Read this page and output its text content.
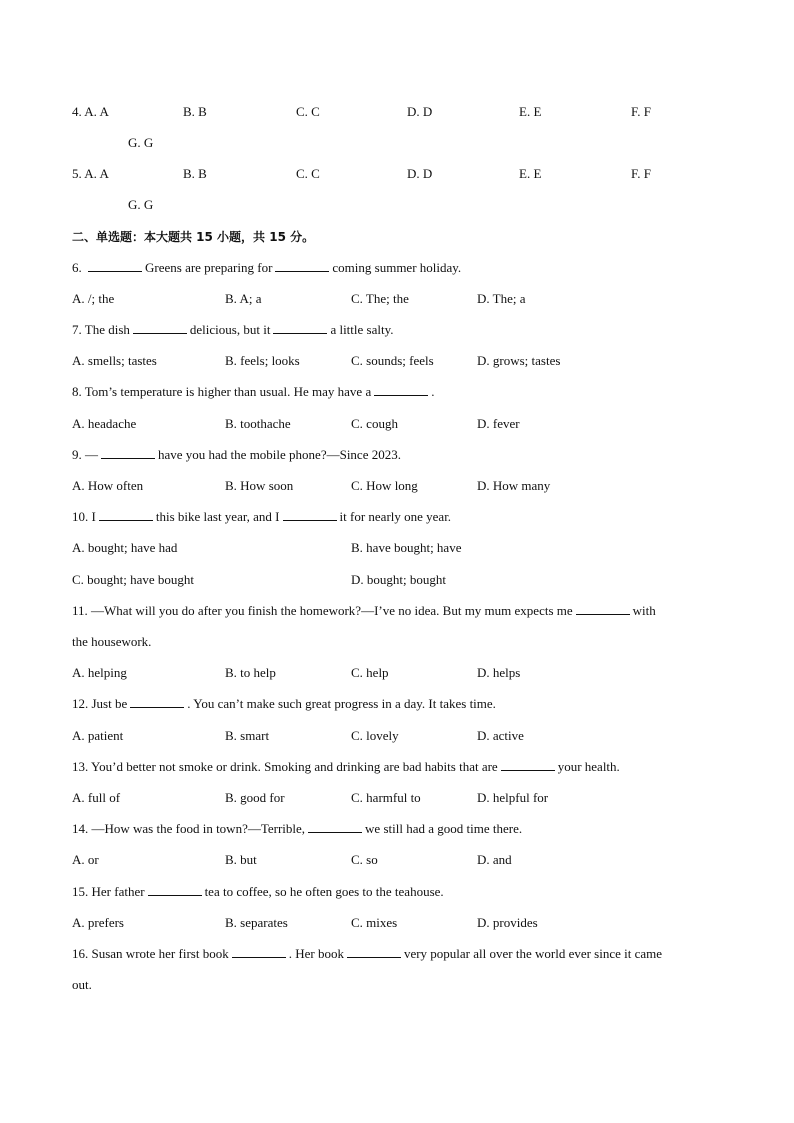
4. A. A	B. B	C. C	D. D	E. E	F. F
G. G
5. A. A	B. B	C. C	D. D	E. E	F. F
G. G
二、单选题：本大题共 15 小题，共 15 分。
6.	Greens are preparing for	coming summer holiday.
A. /; the	B. A; a	C. The; the	D. The; a
7. The dish	delicious, but it	a little salty.
A. smells; tastes	B. feels; looks	C. sounds; feels	D. grows; tastes
8. Tom’s temperature is higher than usual. He may have a	.
A. headache	B. toothache	C. cough	D. fever
9. —	have you had the mobile phone?—Since 2023.
A. How often	B. How soon	C. How long	D. How many
10. I	this bike last year, and I	it for nearly one year.
A. bought; have had	B. have bought; have
C. bought; have bought	D. bought; bought
11. —What will you do after you finish the homework?—I’ve no idea. But my mum expects me	with
the housework.
A. helping	B. to help	C. help	D. helps
12. Just be	. You can’t make such great progress in a day. It takes time.
A. patient	B. smart	C. lovely	D. active
13. You’d better not smoke or drink. Smoking and drinking are bad habits that are	your health.
A. full of	B. good for	C. harmful to	D. helpful for
14. —How was the food in town?—Terrible,	we still had a good time there.
A. or	B. but	C. so	D. and
15. Her father	tea to coffee, so he often goes to the teahouse.
A. prefers	B. separates	C. mixes	D. provides
16. Susan wrote her first book	. Her book	very popular all over the world ever since it came
out.
